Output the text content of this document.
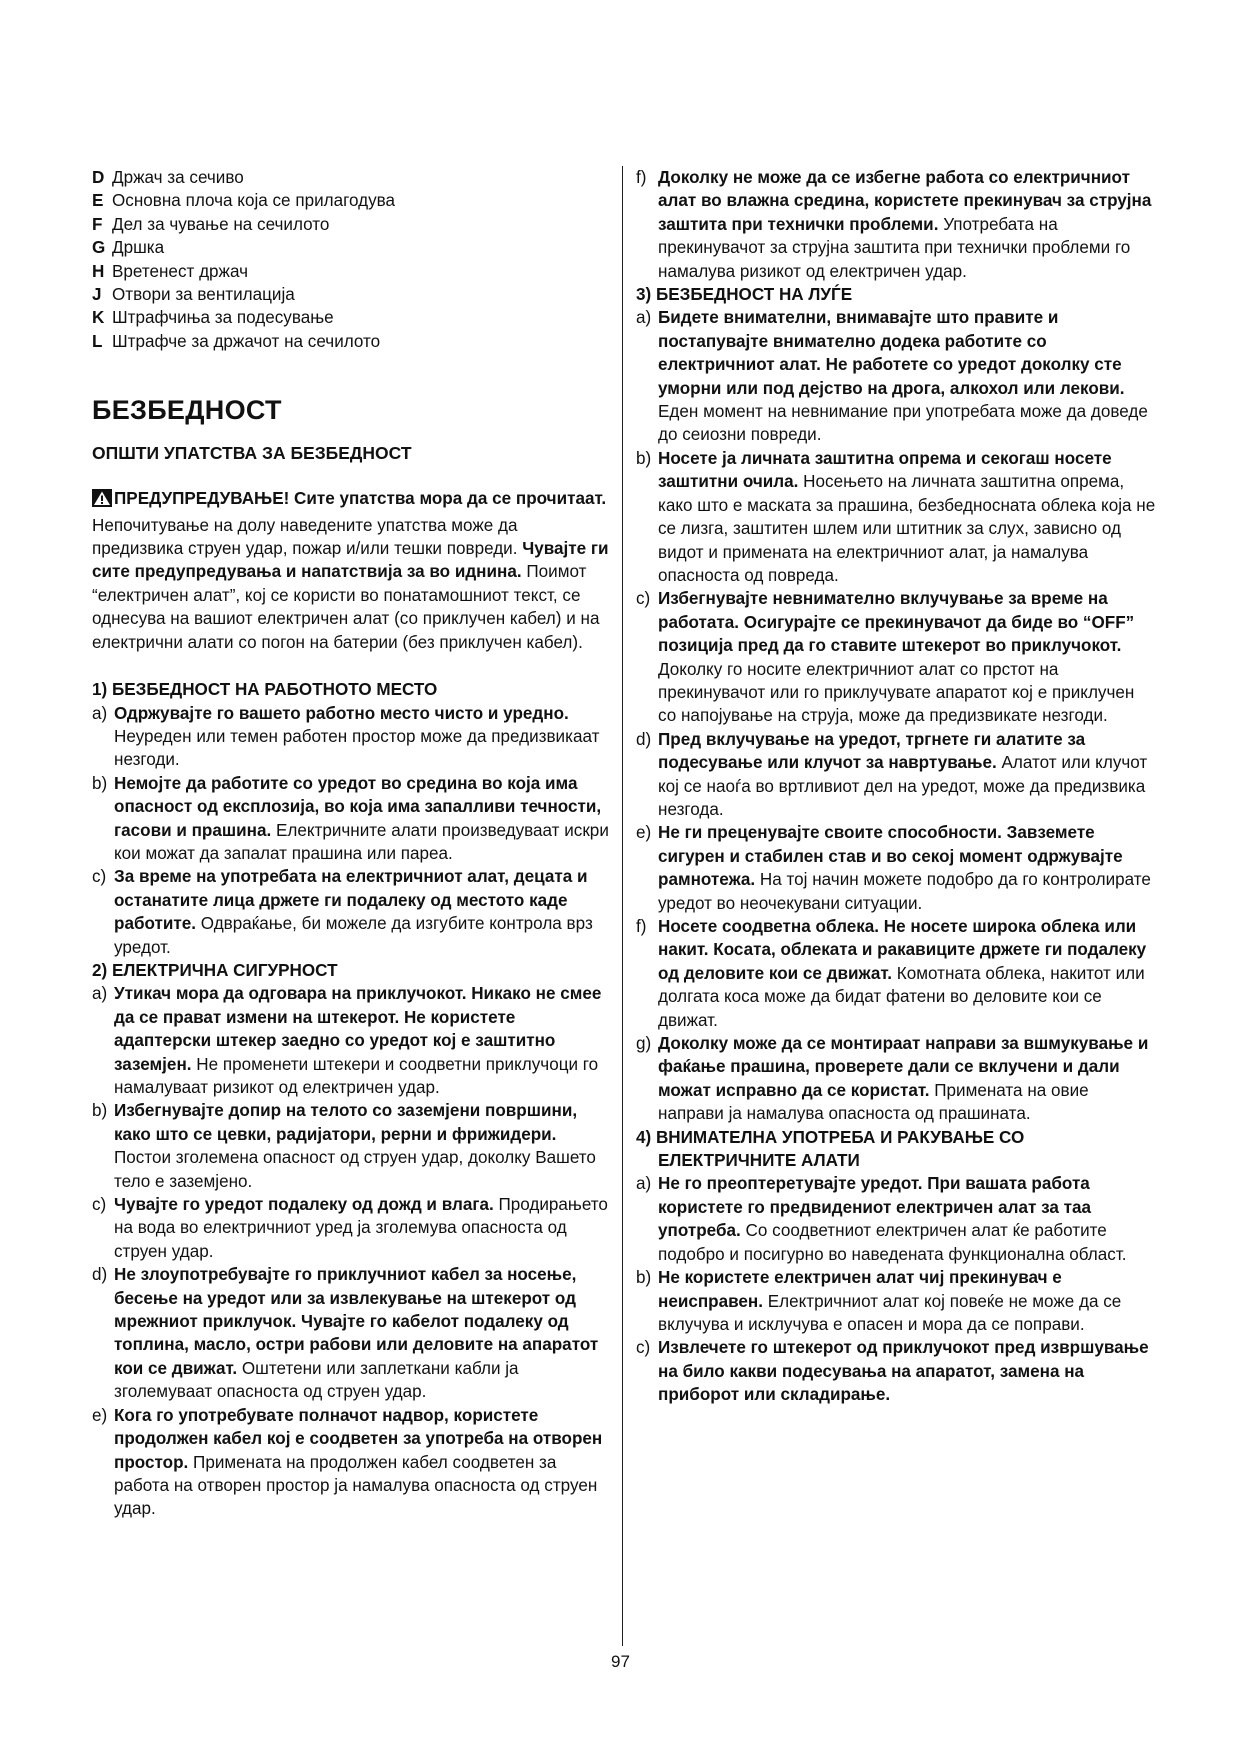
D Држач за сечиво
E Основна плоча која се прилагодува
F Дел за чување на сечилото
G Дршка
H Вретенест држач
J Отвори за вентилација
K Штрафчиња за подесување
L Штрафче за држачот на сечилото
БЕЗБЕДНОСТ
ОПШТИ УПАТСТВА ЗА БЕЗБЕДНОСТ

ПРЕДУПРЕДУВАЊЕ! Сите упатства мора да се прочитаат. Непочитувањe на долу наведените упатства може да предизвика струен удар, пожар и/или тешки повреди. Чувајте ги сите предупредувања и напатствија за во иднина. Поимот “електричен алат”, кој се користи во понатамошниот текст, се однесува на вашиот електричен алат (со приклучен кабел) и на електрични алати со погон на батерии (без приклучен кабел).

1) БЕЗБЕДНОСТ НА РАБОТНОТО МЕСТО

a) Одржувајте го вашето работно место чисто и уредно. Неуреден или темен работен простор може да предизвикаат незгоди.
b) Немојте да работите со уредот во средина во која има опасност од експлозија, во која има запалливи течности, гасови и прашина. Електричните алати произведуваат искри кои можат да запалат прашина или пареа.
c) За време на употребата на електричниот алат, децата и останатите лица држете ги подалеку од местото каде работите. Одвраќање, би можеле да изгубите контрола врз уредот.

2) ЕЛЕКТРИЧНА СИГУРНОСТ

a) Утикач мора да одговара на приклучокот. Никако не смее да се прават измени на штекерот. Не користете адаптерски штекер заедно со уредот кој е заштитно заземјен. Не променети штекери и соодветни приклучоци го намалуваат ризикот од електричен удар.
b) Избегнувајте допир на телото со заземјени површини, како што се цевки, радијатори, рерни и фрижидери. Постои зголемена опасност од струен удар, доколку Вашето тело е заземјено.
c) Чувајте го уредот подалеку од дожд и влага. Продирањето на вода во електричниот уред ја зголемува опасноста од струен удар.
d) Не злоупотребувајте го приклучниот кабел за носење, бесење на уредот или за извлекување на штекерот од мрежниот приклучок. Чувајте го кабелот подалеку од топлина, масло, остри рабови или деловите на апаратот кои се движат. Оштетени или заплеткани кабли ја зголемуваат опасноста од струен удар.
e) Кога го употребувате полначот надвор, користете продолжен кабел кој е соодветен за употреба на отворен простор. Примената на продолжен кабел соодветен за работа на отворен простор ја намалува опасноста од струен удар.
f) Доколку не може да се избегне работа со електричниот алат во влажна средина, користете прекинувач за струјна заштита при технички проблеми. Употребата на прекинувачот за струјна заштита при технички проблеми го намалува ризикот од електричен удар.

3) БЕЗБЕДНОСТ НА ЛУЃЕ

a) Бидете внимателни, внимавајте што правите и постапувајте внимателно додека работите со електричниот алат. Не работете со уредот доколку сте уморни или под дејство на дрога, алкохол или лекови. Еден момент на невнимание при употребата може да доведе до сеиозни повреди.
b) Носете ја личната заштитна опрема и секогаш носете заштитни очила. Носењето на личната заштитна опрема, како што е маската за прашина, безбедносната облека која не се лизга, заштитен шлем или штитник за слух, зависно од видот и примената на електричниот алат, ја намалува опасноста од повреда.
c) Избегнувајте невнимателно вклучување за време на работата. Осигурајте се прекинувачот да биде во “OFF” позиција пред да го ставите штекерот во приклучокот. Доколку го носите електричниот алат со прстот на прекинувачот или го приклучувате апаратот кој е приклучен со напојување на струја, може да предизвикате незгоди.
d) Пред вклучување на уредот, тргнете ги алатите за подесување или клучот за навртување. Алатот или клучот кој се наоѓа во вртливиот дел на уредот, може да предизвика незгода.
e) Не ги преценувајте своите способности. Завземете сигурен и стабилен став и во секој момент одржувајте рамнотежа. На тој начин можете подобро да го контролирате уредот во неочекувани ситуации.
f) Носете соодветна облека. Не носете широка облека или накит. Косата, облеката и ракавиците држете ги подалеку од деловите кои се движат. Комотната облека, накитот или долгата коса може да бидат фатени во деловите кои се движат.
g) Доколку може да се монтираат направи за вшмукување и фаќање прашина, проверете дали се вклучени и дали можат исправно да се користат. Примената на овие направи ја намалува опасноста од прашината.

4) ВНИМАТЕЛНА УПОТРЕБА И РАКУВАЊЕ СО ЕЛЕКТРИЧНИТЕ АЛАТИ

a) Не го преоптеретувајте уредот. При вашата работа користете го предвидениот електричен алат за таа употреба. Со соодветниот електричен алат ќе работите подобро и посигурно во наведената функционална област.
b) Не користете електричен алат чиј прекинувач е неисправен. Електричниот алат кој повеќе не може да се вклучува и исклучува е опасен и мора да се поправи.
c) Извлечете го штекерот од приклучокот пред извршување на било какви подесувања на апаратот, замена на приборот или складирање.
97
